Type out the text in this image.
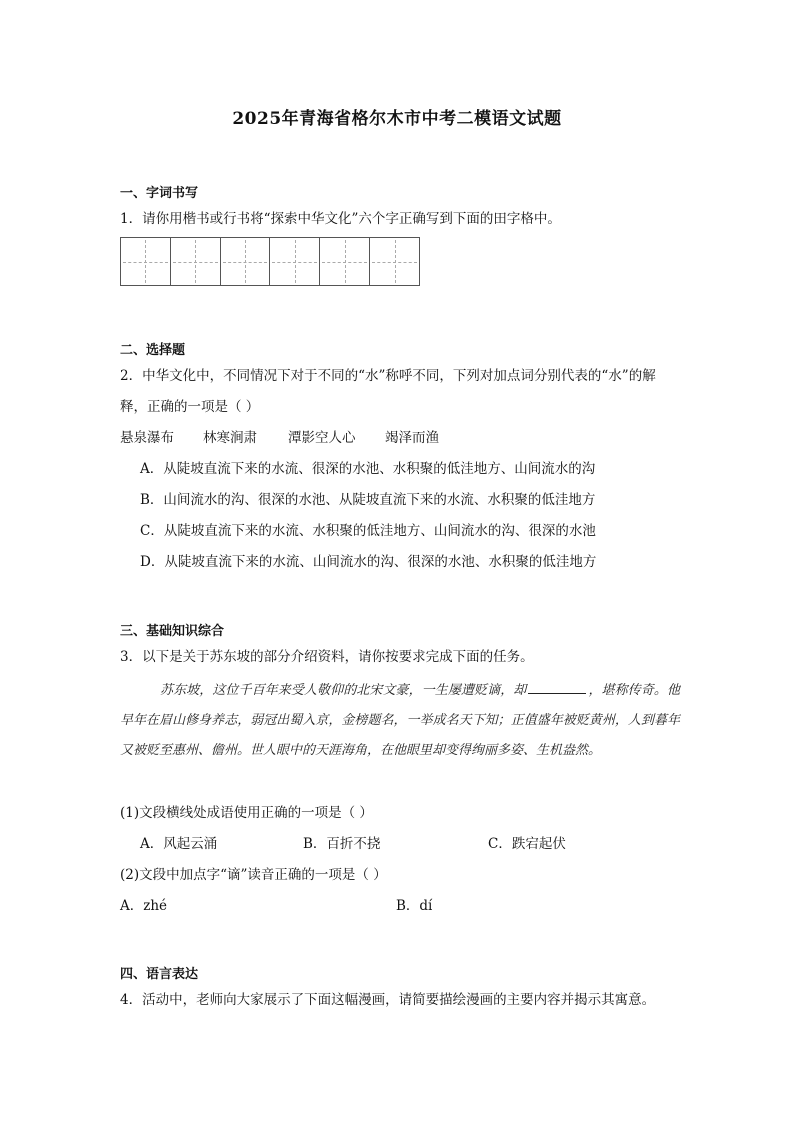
2025年青海省格尔木市中考二模语文试题
一、字词书写
1．请你用楷书或行书将“探索中华文化”六个字正确写到下面的田字格中。
二、选择题
2．中华文化中，不同情况下对于不同的“水”称呼不同，下列对加点词分别代表的“水”的解
释，正确的一项是（ ）
悬泉瀑布 林寒涧肃 潭影空人心 竭泽而渔
A．从陡坡直流下来的水流、很深的水池、水积聚的低洼地方、山间流水的沟
B．山间流水的沟、很深的水池、从陡坡直流下来的水流、水积聚的低洼地方
C．从陡坡直流下来的水流、水积聚的低洼地方、山间流水的沟、很深的水池
D．从陡坡直流下来的水流、山间流水的沟、很深的水池、水积聚的低洼地方
三、基础知识综合
3．以下是关于苏东坡的部分介绍资料，请你按要求完成下面的任务。
苏东坡，这位千百年来受人敬仰的北宋文豪，一生屡遭贬谪，却	，堪称传奇。他早年在眉山修身养志，弱冠出蜀入京，金榜题名，一举成名天下知；正值盛年被贬黄州，人到暮年又被贬至惠州、儋州。世人眼中的天涯海角，在他眼里却变得绚丽多姿、生机盎然。
(1)文段横线处成语使用正确的一项是（ ）
A．风起云涌	B．百折不挠	C．跌宕起伏
(2)文段中加点字“谪”读音正确的一项是（ ）
A．zhé	B．dí
四、语言表达
4．活动中，老师向大家展示了下面这幅漫画，请简要描绘漫画的主要内容并揭示其寓意。
